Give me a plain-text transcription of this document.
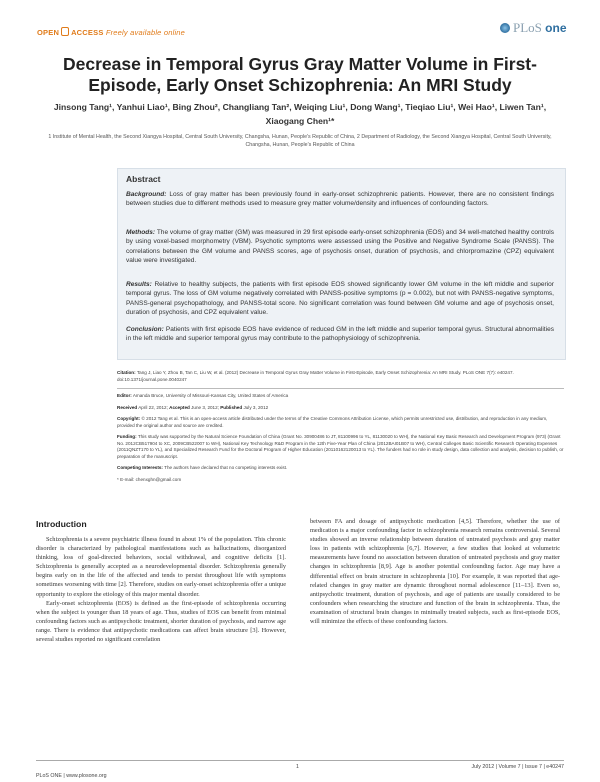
OPEN ACCESS Freely available online	PLoS one
Decrease in Temporal Gyrus Gray Matter Volume in First-Episode, Early Onset Schizophrenia: An MRI Study
Jinsong Tang¹, Yanhui Liao¹, Bing Zhou², Changliang Tan², Weiqing Liu¹, Dong Wang¹, Tieqiao Liu¹, Wei Hao¹, Liwen Tan¹, Xiaogang Chen¹*
1 Institute of Mental Health, the Second Xiangya Hospital, Central South University, Changsha, Hunan, People's Republic of China, 2 Department of Radiology, the Second Xiangya Hospital, Central South University, Changsha, Hunan, People's Republic of China
Abstract
Background: Loss of gray matter has been previously found in early-onset schizophrenic patients. However, there are no consistent findings between studies due to different methods used to measure grey matter volume/density and influences of confounding factors.
Methods: The volume of gray matter (GM) was measured in 29 first episode early-onset schizophrenia (EOS) and 34 well-matched healthy controls by using voxel-based morphometry (VBM). Psychotic symptoms were assessed using the Positive and Negative Syndrome Scale (PANSS). The correlations between the GM volume and PANSS scores, age of psychosis onset, duration of psychosis, and chlorpromazine (CPZ) equivalent value were investigated.
Results: Relative to healthy subjects, the patients with first episode EOS showed significantly lower GM volume in the left middle and superior temporal gyrus. The loss of GM volume negatively correlated with PANSS-positive symptoms (p = 0.002), but not with PANSS-negative symptoms, PANSS-general psychopathology, and PANSS-total score. No significant correlation was found between GM volume and age of psychosis onset, duration of psychosis, and CPZ equivalent value.
Conclusion: Patients with first episode EOS have evidence of reduced GM in the left middle and superior temporal gyrus. Structural abnormalities in the left middle and superior temporal gyrus may contribute to the pathophysiology of schizophrenia.

Citation: Tang J, Liao Y, Zhou B, Tan C, Liu W, et al. (2012) Decrease in Temporal Gyrus Gray Matter Volume in First-Episode, Early Onset Schizophrenia: An MRI Study. PLoS ONE 7(7): e40247. doi:10.1371/journal.pone.0040247

Editor: Amanda Bruce, University of Missouri-Kansas City, United States of America

Received April 22, 2012; Accepted June 3, 2012; Published July 3, 2012

Copyright: © 2012 Tang et al. This is an open-access article distributed under the terms of the Creative Commons Attribution License, which permits unrestricted use, distribution, and reproduction in any medium, provided the original author and source are credited.

Funding: This study was supported by the Natural Science Foundation of China (Grant No. 30900486 to JT, 81100996 to YL, 81130020 to WH), the National Key Basic Research and Development Program (973) (Grant No. 2012CB517904 to XC, 2009CB522007 to WH), National Key Technology R&D Program in the 12th Five-Year Plan of China (2012BAI01B07 to WH), Central Colleges Basic Scientific Research Operating Expenses (2011QNZT170 to YL), and Specialized Research Fund for the Doctoral Program of Higher Education (20110162120013 to YL). The funders had no role in study design, data collection and analysis, decision to publish, or preparation of the manuscript.

Competing Interests: The authors have declared that no competing interests exist.

* E-mail: chenxghn@gmail.com

Introduction

Schizophrenia is a severe psychiatric illness found in about 1% of the population. This chronic disorder is characterized by pathological manifestations such as hallucinations, disorganized thinking, loss of goal-directed behaviors, social withdrawal, and cognitive deficits [1]. Schizophrenia is generally accepted as a neurodevelopmental disorder. Schizophrenia generally begins early on in the life of the affected and tends to persist throughout life with symptoms sometimes worsening with time [2]. Therefore, studies on early-onset schizophrenia offer a unique opportunity to explore the etiology of this major mental disorder.

Early-onset schizophrenia (EOS) is defined as the first-episode of schizophrenia occurring when the subject is younger than 18 years of age. Thus, studies of EOS can benefit from minimal confounding factors such as antipsychotic treatment, shorter duration of psychosis, and narrow age range. There is evidence that antipsychotic medications can affect brain structure [3]. However, several studies reported no significant correlation

between FA and dosage of antipsychotic medication [4,5]. Therefore, whether the use of medication is a major confounding factor in schizophrenia research remains controversial. Several studies showed an inverse relationship between duration of untreated psychosis and gray matter loss in patients with schizophrenia [6,7]. However, a few studies that looked at volumetric measurements have found no association between duration of untreated psychosis and gray matter changes in schizophrenia [8,9]. Age is another potential confounding factor. Age may have a differential effect on brain structure in schizophrenia [10]. For example, it was reported that age-related changes in gray matter are dynamic throughout normal adolescence [11–13]. Even so, antipsychotic treatment, duration of psychosis, and age of patients are usually considered to be confounders when researching the structure and function of the brain in schizophrenia. Thus, the examination of structural brain changes in minimally treated subjects, such as first-episode EOS, will minimize the effects of these confounding factors.

PLoS ONE | www.plosone.org
1	July 2012 | Volume 7 | Issue 7 | e40247
